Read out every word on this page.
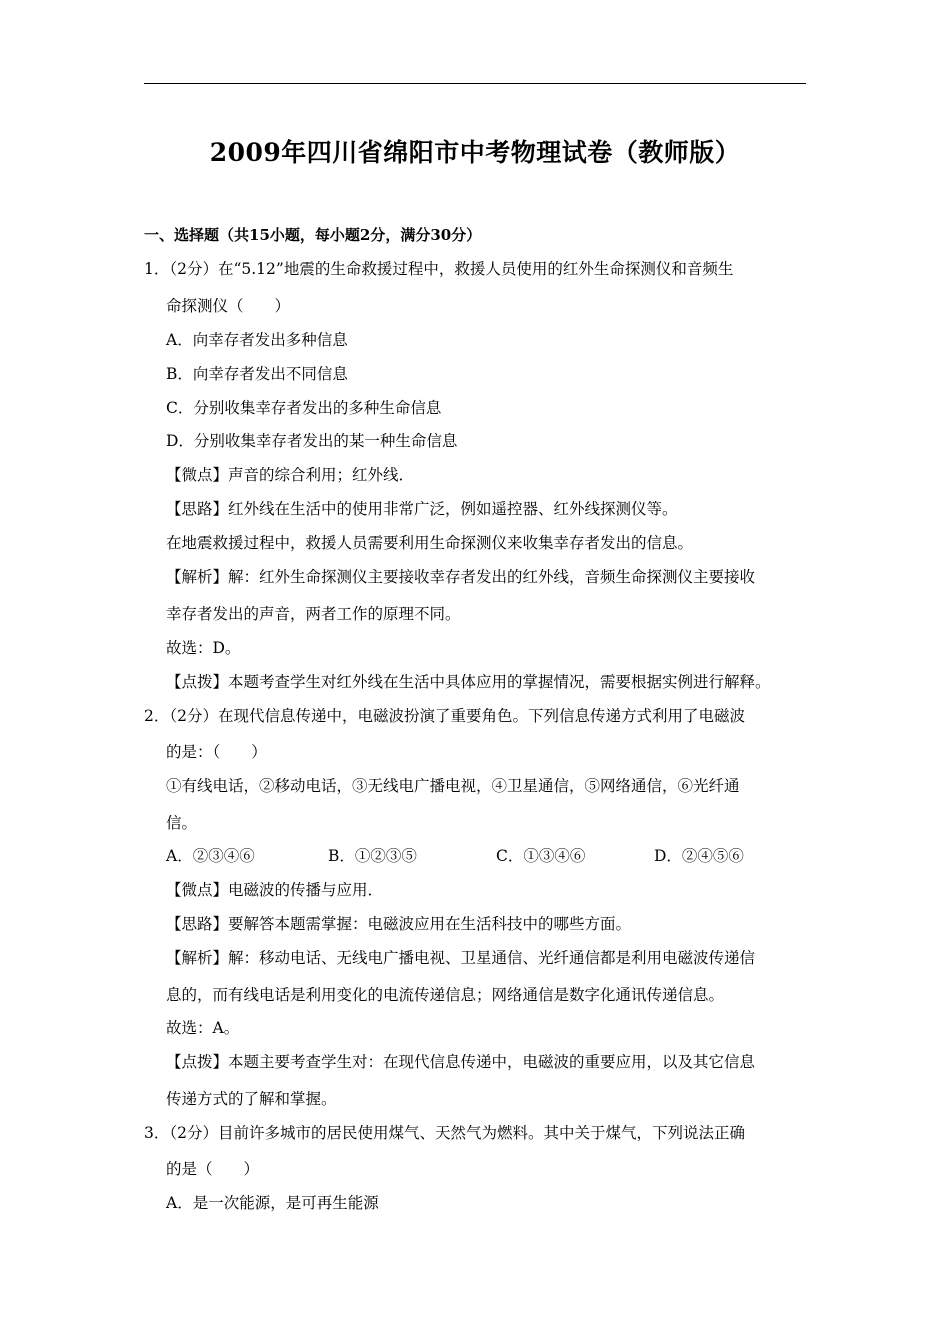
2009年四川省绵阳市中考物理试卷（教师版）
一、选择题（共15小题，每小题2分，满分30分）
1．（2分）在“5.12”地震的生命救援过程中，救援人员使用的红外生命探测仪和音频生
命探测仪（　　）
A．向幸存者发出多种信息
B．向幸存者发出不同信息
C．分别收集幸存者发出的多种生命信息
D．分别收集幸存者发出的某一种生命信息
【微点】声音的综合利用；红外线．
【思路】红外线在生活中的使用非常广泛，例如遥控器、红外线探测仪等。
在地震救援过程中，救援人员需要利用生命探测仪来收集幸存者发出的信息。
【解析】解：红外生命探测仪主要接收幸存者发出的红外线，音频生命探测仪主要接收
幸存者发出的声音，两者工作的原理不同。
故选：D。
【点拨】本题考查学生对红外线在生活中具体应用的掌握情况，需要根据实例进行解释。
2．（2分）在现代信息传递中，电磁波扮演了重要角色。下列信息传递方式利用了电磁波
的是：（　　）
①有线电话，②移动电话，③无线电广播电视，④卫星通信，⑤网络通信，⑥光纤通
信。
A．②③④⑥	B．①②③⑤	C．①③④⑥	D．②④⑤⑥
【微点】电磁波的传播与应用．
【思路】要解答本题需掌握：电磁波应用在生活科技中的哪些方面。
【解析】解：移动电话、无线电广播电视、卫星通信、光纤通信都是利用电磁波传递信
息的，而有线电话是利用变化的电流传递信息；网络通信是数字化通讯传递信息。
故选：A。
【点拨】本题主要考查学生对：在现代信息传递中，电磁波的重要应用，以及其它信息
传递方式的了解和掌握。
3．（2分）目前许多城市的居民使用煤气、天然气为燃料。其中关于煤气，下列说法正确
的是（　　）
A．是一次能源，是可再生能源
